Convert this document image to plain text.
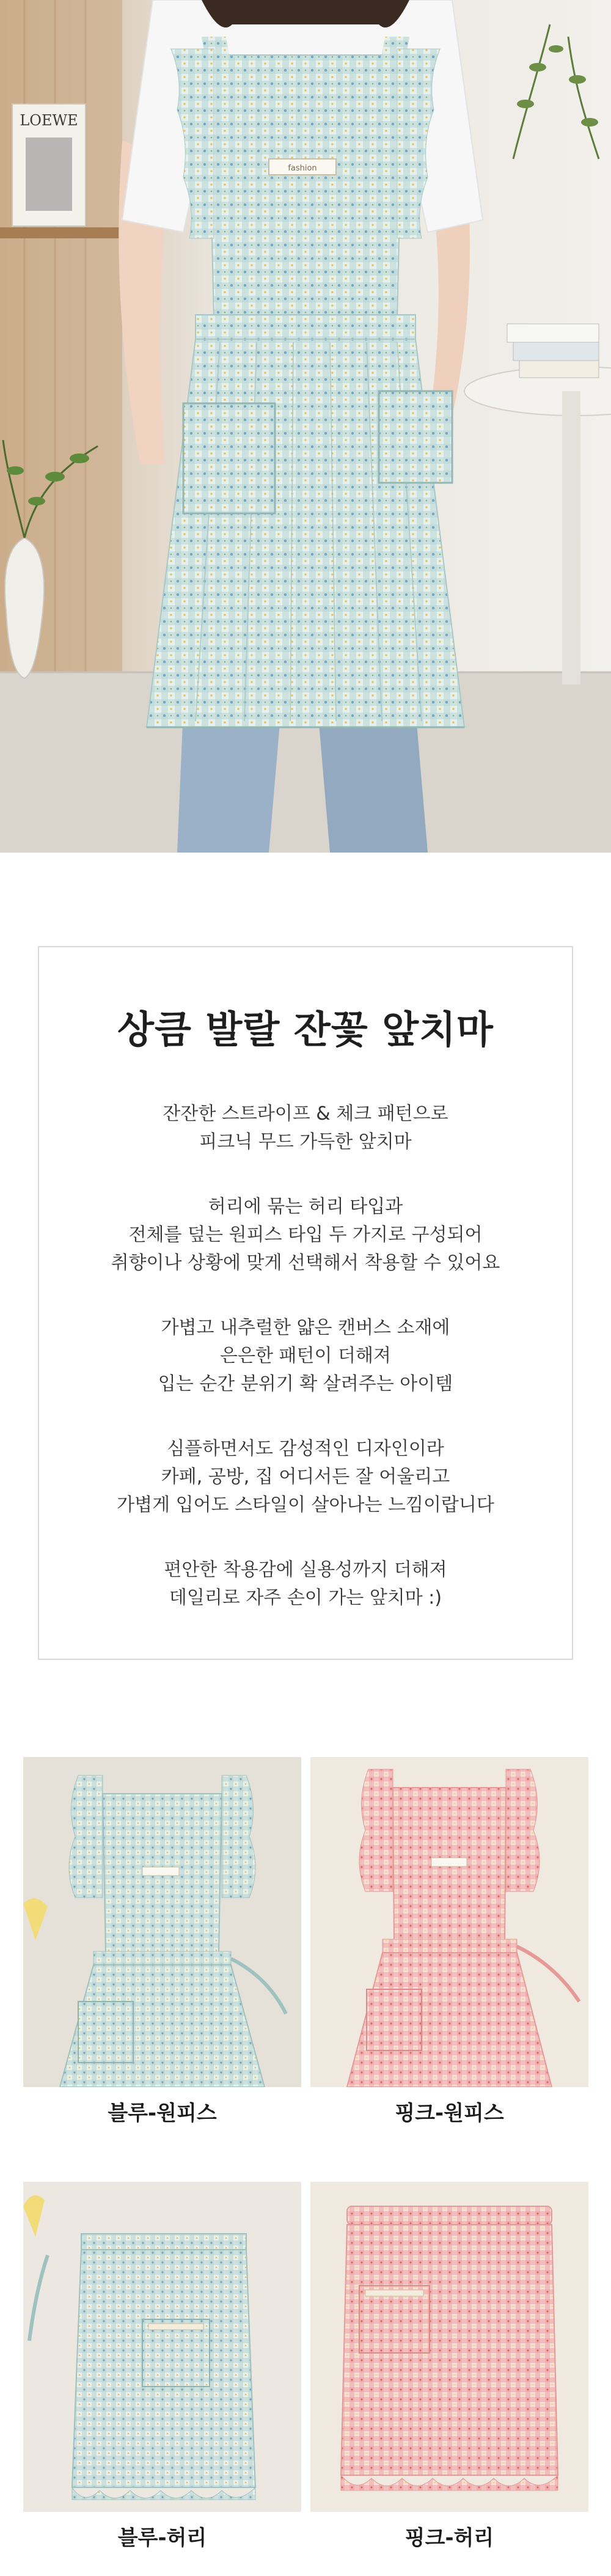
LOEWE
fashion
상큼 발랄 잔꽃 앞치마

잔잔한 스트라이프 & 체크 패턴으로
피크닉 무드 가득한 앞치마

허리에 묶는 허리 타입과
전체를 덮는 원피스 타입 두 가지로 구성되어
취향이나 상황에 맞게 선택해서 착용할 수 있어요

가볍고 내추럴한 얇은 캔버스 소재에
은은한 패턴이 더해져
입는 순간 분위기 확 살려주는 아이템

심플하면서도 감성적인 디자인이라
카페, 공방, 집 어디서든 잘 어울리고
가볍게 입어도 스타일이 살아나는 느낌이랍니다

편안한 착용감에 실용성까지 더해져
데일리로 자주 손이 가는 앞치마 :)

블루-원피스	핑크-원피스
블루-허리	핑크-허리
